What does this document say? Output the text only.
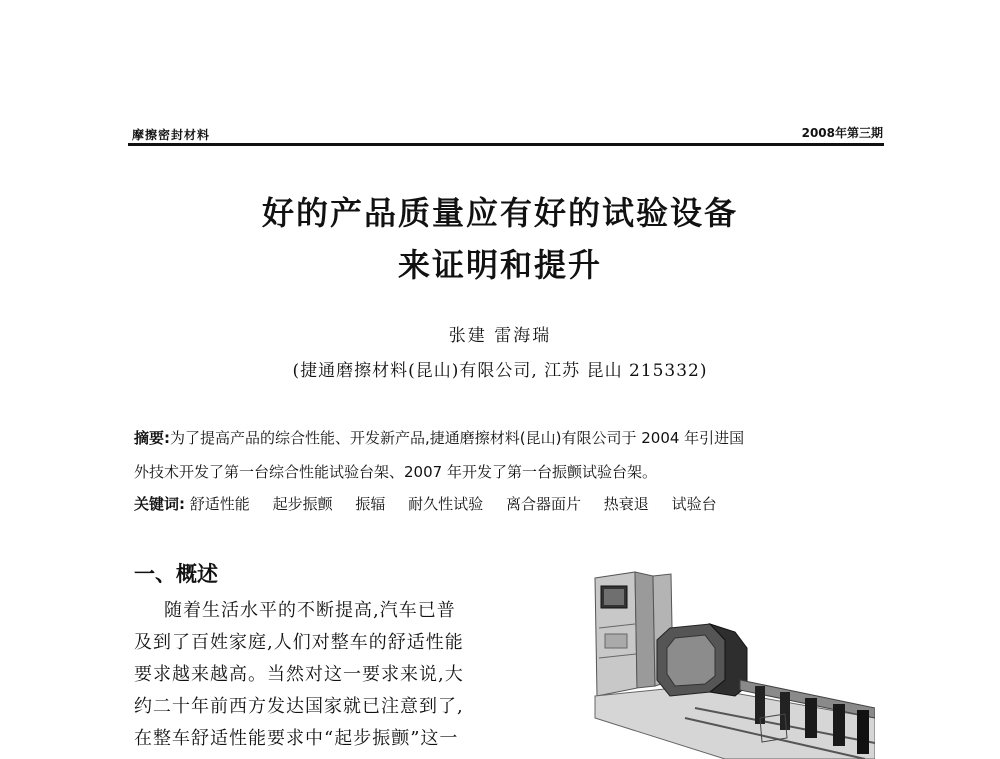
摩擦密封材料	2008年第三期
好的产品质量应有好的试验设备
来证明和提升
张建 雷海瑞
(捷通磨擦材料(昆山)有限公司, 江苏 昆山 215332)
摘要:为了提高产品的综合性能、开发新产品,捷通磨擦材料(昆山)有限公司于 2004 年引进国
外技术开发了第一台综合性能试验台架、2007 年开发了第一台振颤试验台架。
关键词: 舒适性能 起步振颤 振辐 耐久性试验 离合器面片 热衰退 试验台
一、概述
随着生活水平的不断提高,汽车已普
及到了百姓家庭,人们对整车的舒适性能
要求越来越高。当然对这一要求来说,大
约二十年前西方发达国家就已注意到了,
在整车舒适性能要求中“起步振颤”这一
